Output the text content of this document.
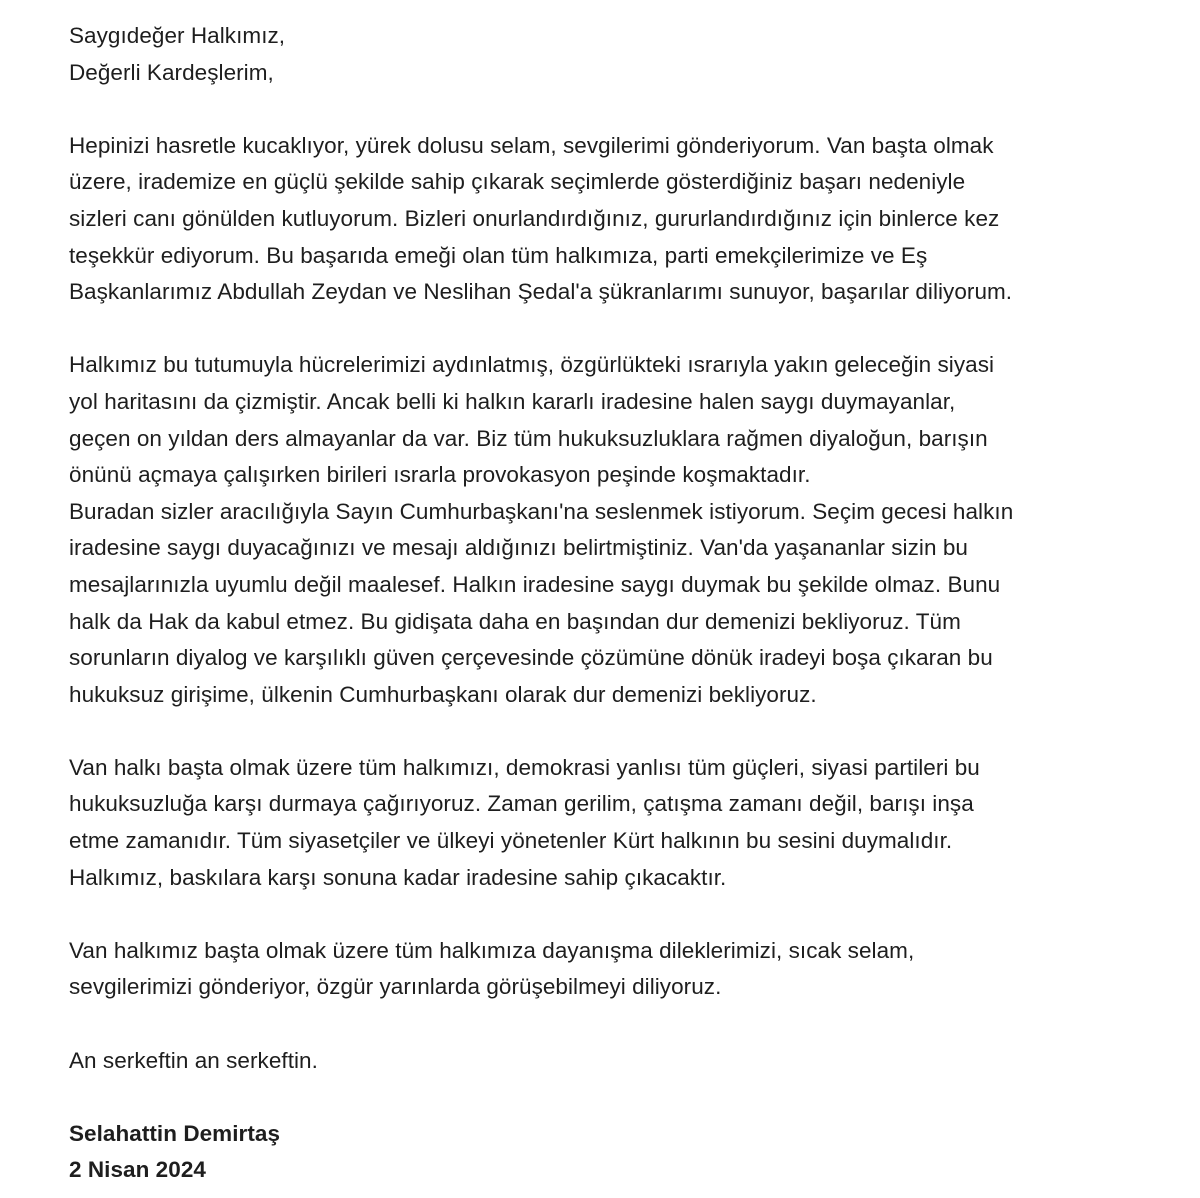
Saygıdeğer Halkımız,
Değerli Kardeşlerim,
Hepinizi hasretle kucaklıyor, yürek dolusu selam, sevgilerimi gönderiyorum. Van başta olmak
üzere, irademize en güçlü şekilde sahip çıkarak seçimlerde gösterdiğiniz başarı nedeniyle
sizleri canı gönülden kutluyorum. Bizleri onurlandırdığınız, gururlandırdığınız için binlerce kez
teşekkür ediyorum. Bu başarıda emeği olan tüm halkımıza, parti emekçilerimize ve Eş
Başkanlarımız Abdullah Zeydan ve Neslihan Şedal'a şükranlarımı sunuyor, başarılar diliyorum.
Halkımız bu tutumuyla hücrelerimizi aydınlatmış, özgürlükteki ısrarıyla yakın geleceğin siyasi
yol haritasını da çizmiştir. Ancak belli ki halkın kararlı iradesine halen saygı duymayanlar,
geçen on yıldan ders almayanlar da var. Biz tüm hukuksuzluklara rağmen diyaloğun, barışın
önünü açmaya çalışırken birileri ısrarla provokasyon peşinde koşmaktadır.
Buradan sizler aracılığıyla Sayın Cumhurbaşkanı'na seslenmek istiyorum. Seçim gecesi halkın
iradesine saygı duyacağınızı ve mesajı aldığınızı belirtmiştiniz. Van'da yaşananlar sizin bu
mesajlarınızla uyumlu değil maalesef. Halkın iradesine saygı duymak bu şekilde olmaz. Bunu
halk da Hak da kabul etmez. Bu gidişata daha en başından dur demenizi bekliyoruz. Tüm
sorunların diyalog ve karşılıklı güven çerçevesinde çözümüne dönük iradeyi boşa çıkaran bu
hukuksuz girişime, ülkenin Cumhurbaşkanı olarak dur demenizi bekliyoruz.
Van halkı başta olmak üzere tüm halkımızı, demokrasi yanlısı tüm güçleri, siyasi partileri bu
hukuksuzluğa karşı durmaya çağırıyoruz. Zaman gerilim, çatışma zamanı değil, barışı inşa
etme zamanıdır. Tüm siyasetçiler ve ülkeyi yönetenler Kürt halkının bu sesini duymalıdır.
Halkımız, baskılara karşı sonuna kadar iradesine sahip çıkacaktır.
Van halkımız başta olmak üzere tüm halkımıza dayanışma dileklerimizi, sıcak selam,
sevgilerimizi gönderiyor, özgür yarınlarda görüşebilmeyi diliyoruz.
An serkeftin an serkeftin.
Selahattin Demirtaş
2 Nisan 2024
